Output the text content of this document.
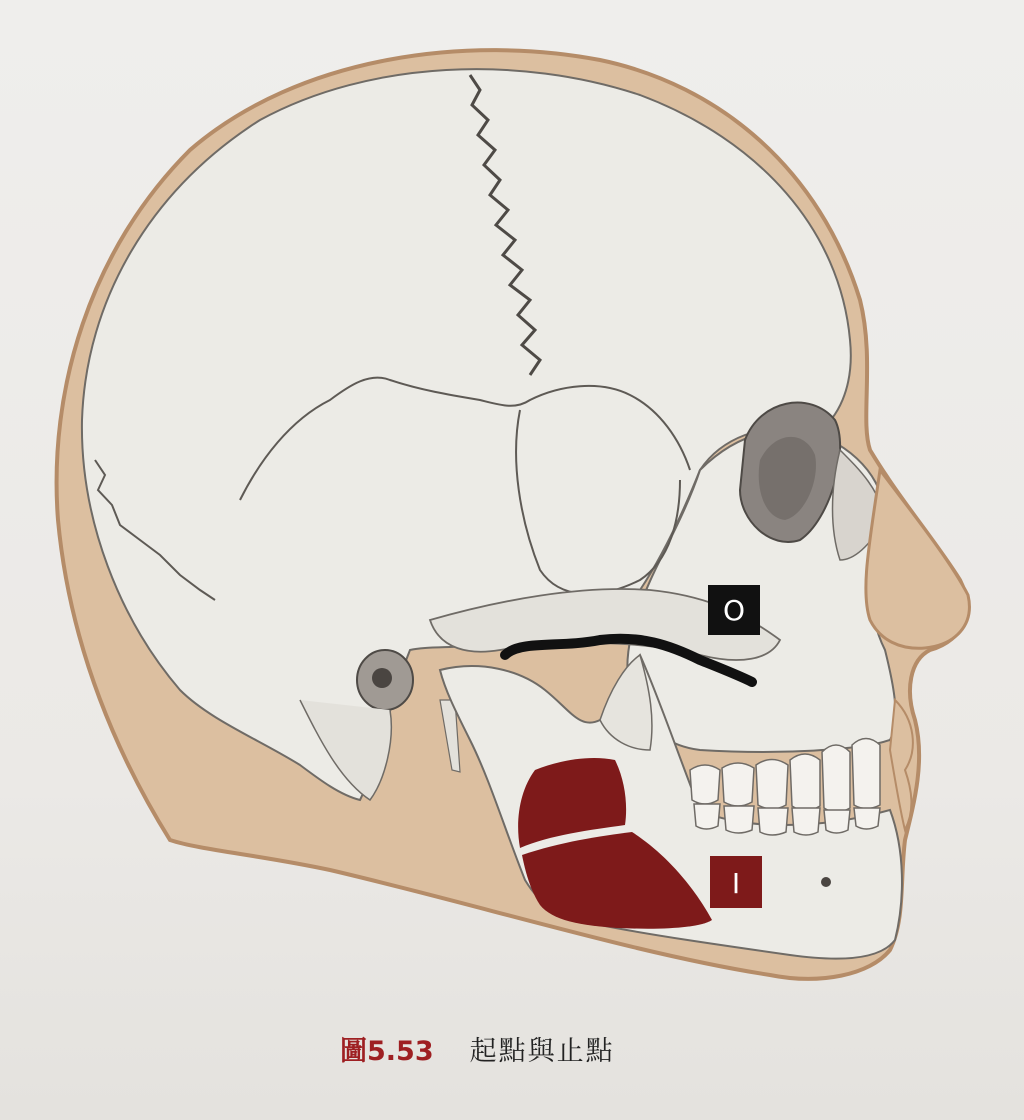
O
I
圖5.53 起點與止點
